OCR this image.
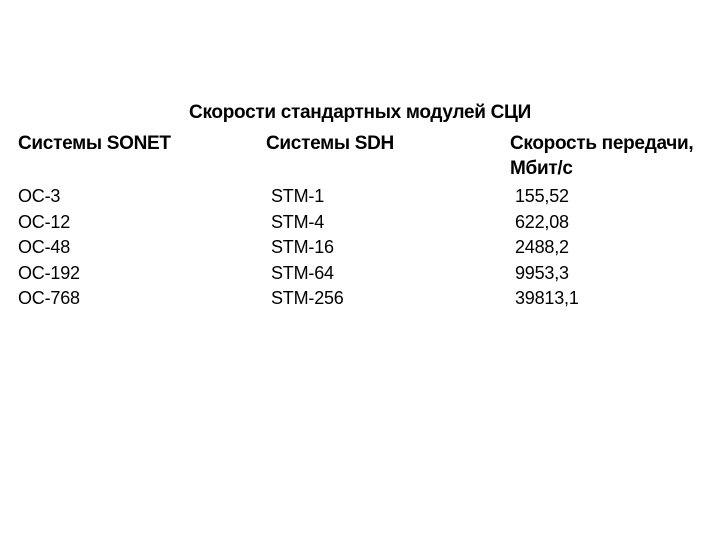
Скорости стандартных модулей СЦИ
Системы SONET	Системы SDH	Скорость передачи,
Мбит/с
OC-3
OC-12
OC-48
OC-192
OC-768
STM-1
STM-4
STM-16
STM-64
STM-256
155,52
622,08
2488,2
9953,3
39813,1
